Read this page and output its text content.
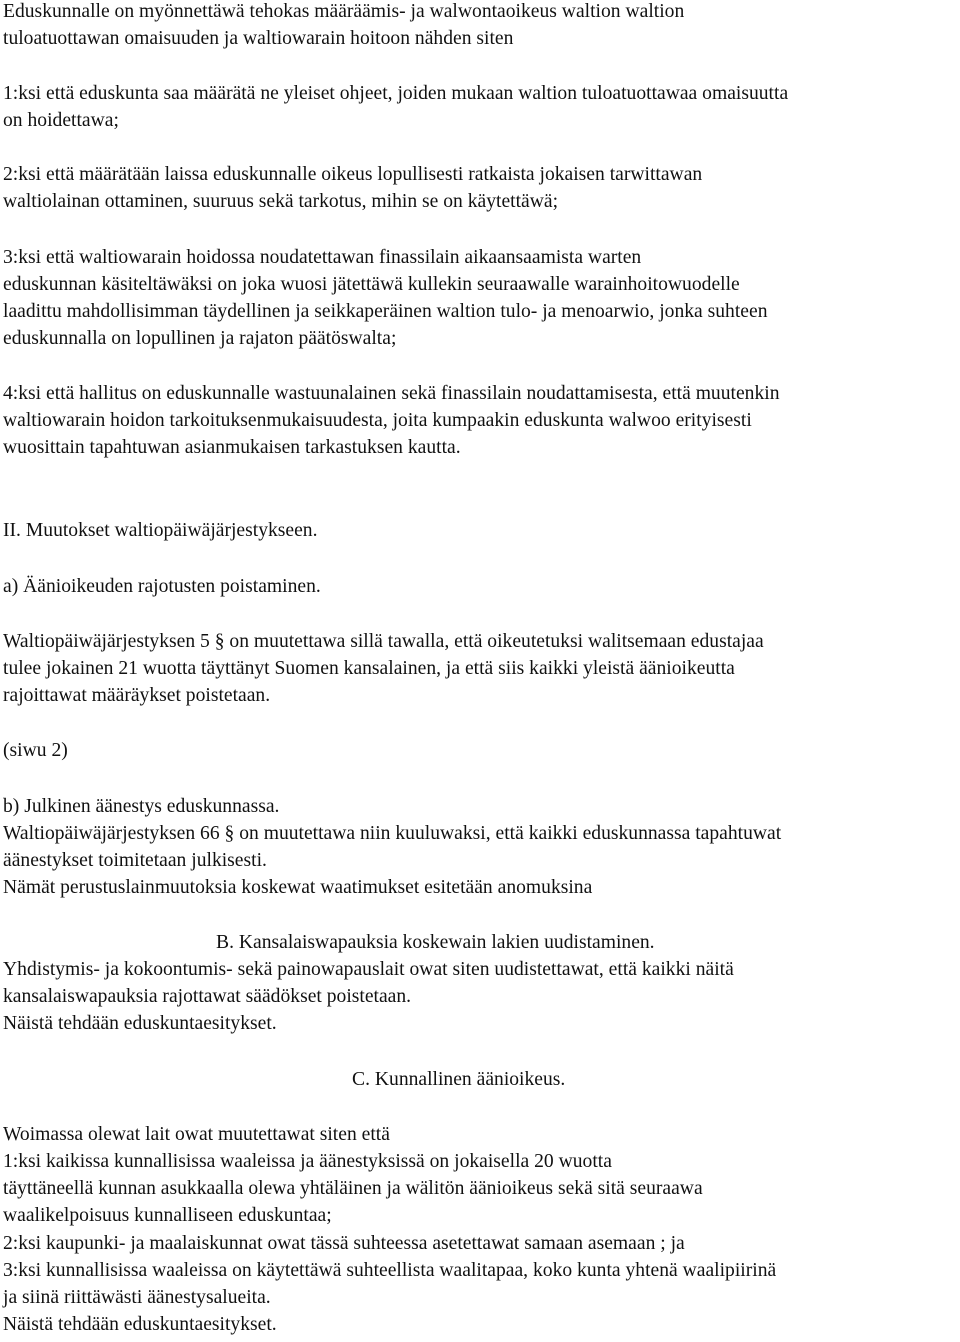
Eduskunnalle on myönnettäwä tehokas määräämis- ja walwontaoikeus waltion waltion
tuloatuottawan omaisuuden ja waltiowarain hoitoon nähden siten
1:ksi että eduskunta saa määrätä ne yleiset ohjeet, joiden mukaan waltion tuloatuottawaa omaisuutta
on hoidettawa;
2:ksi että määrätään laissa eduskunnalle oikeus lopullisesti ratkaista jokaisen tarwittawan
waltiolainan ottaminen, suuruus sekä tarkotus, mihin se on käytettäwä;
3:ksi että waltiowarain hoidossa noudatettawan finassilain aikaansaamista warten
eduskunnan käsiteltäwäksi on joka wuosi jätettäwä kullekin seuraawalle warainhoitowuodelle
laadittu mahdollisimman täydellinen ja seikkaperäinen waltion tulo- ja menoarwio, jonka suhteen
eduskunnalla on lopullinen ja rajaton päätöswalta;
4:ksi että hallitus on eduskunnalle wastuunalainen sekä finassilain noudattamisesta, että muutenkin
waltiowarain hoidon tarkoituksenmukaisuudesta, joita kumpaakin eduskunta walwoo erityisesti
wuosittain tapahtuwan asianmukaisen tarkastuksen kautta.
II. Muutokset waltiopäiwäjärjestykseen.
a) Äänioikeuden rajotusten poistaminen.
Waltiopäiwäjärjestyksen 5 § on muutettawa sillä tawalla, että oikeutetuksi walitsemaan edustajaa
tulee jokainen 21 wuotta täyttänyt Suomen kansalainen, ja että siis kaikki yleistä äänioikeutta
rajoittawat määräykset poistetaan.
(siwu 2)
b) Julkinen äänestys eduskunnassa.
Waltiopäiwäjärjestyksen 66 § on muutettawa niin kuuluwaksi, että kaikki eduskunnassa tapahtuwat
äänestykset toimitetaan julkisesti.
Nämät perustuslainmuutoksia koskewat waatimukset esitetään anomuksina
B. Kansalaiswapauksia koskewain lakien uudistaminen.
Yhdistymis- ja kokoontumis- sekä painowapauslait owat siten uudistettawat, että kaikki näitä
kansalaiswapauksia rajottawat säädökset poistetaan.
Näistä tehdään eduskuntaesitykset.
C. Kunnallinen äänioikeus.
Woimassa olewat lait owat muutettawat siten että
1:ksi kaikissa kunnallisissa waaleissa ja äänestyksissä on jokaisella 20 wuotta
täyttäneellä kunnan asukkaalla olewa yhtäläinen ja wälitön äänioikeus sekä sitä seuraawa
waalikelpoisuus kunnalliseen eduskuntaa;
2:ksi kaupunki- ja maalaiskunnat owat tässä suhteessa asetettawat samaan asemaan ; ja
3:ksi kunnallisissa waaleissa on käytettäwä suhteellista waalitapaa, koko kunta yhtenä waalipiirinä
ja siinä riittäwästi äänestysalueita.
Näistä tehdään eduskuntaesitykset.
